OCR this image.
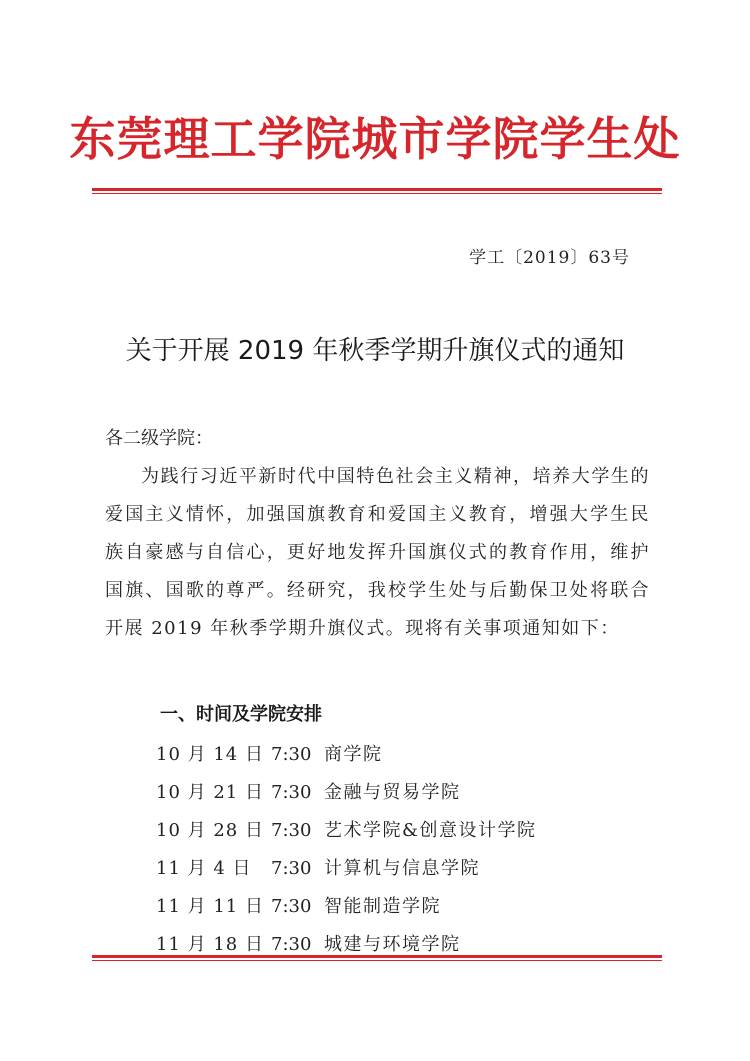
东莞理工学院城市学院学生处
学工〔2019〕63号
关于开展 2019 年秋季学期升旗仪式的通知

各二级学院：

为践行习近平新时代中国特色社会主义精神，培养大学生的爱国主义情怀，加强国旗教育和爱国主义教育，增强大学生民族自豪感与自信心，更好地发挥升国旗仪式的教育作用，维护国旗、国歌的尊严。经研究，我校学生处与后勤保卫处将联合开展 2019 年秋季学期升旗仪式。现将有关事项通知如下：

一、时间及学院安排
10 月 14 日 7:30 商学院
10 月 21 日 7:30 金融与贸易学院
10 月 28 日 7:30 艺术学院&创意设计学院
11 月 4 日 7:30 计算机与信息学院
11 月 11 日 7:30 智能制造学院
11 月 18 日 7:30 城建与环境学院
